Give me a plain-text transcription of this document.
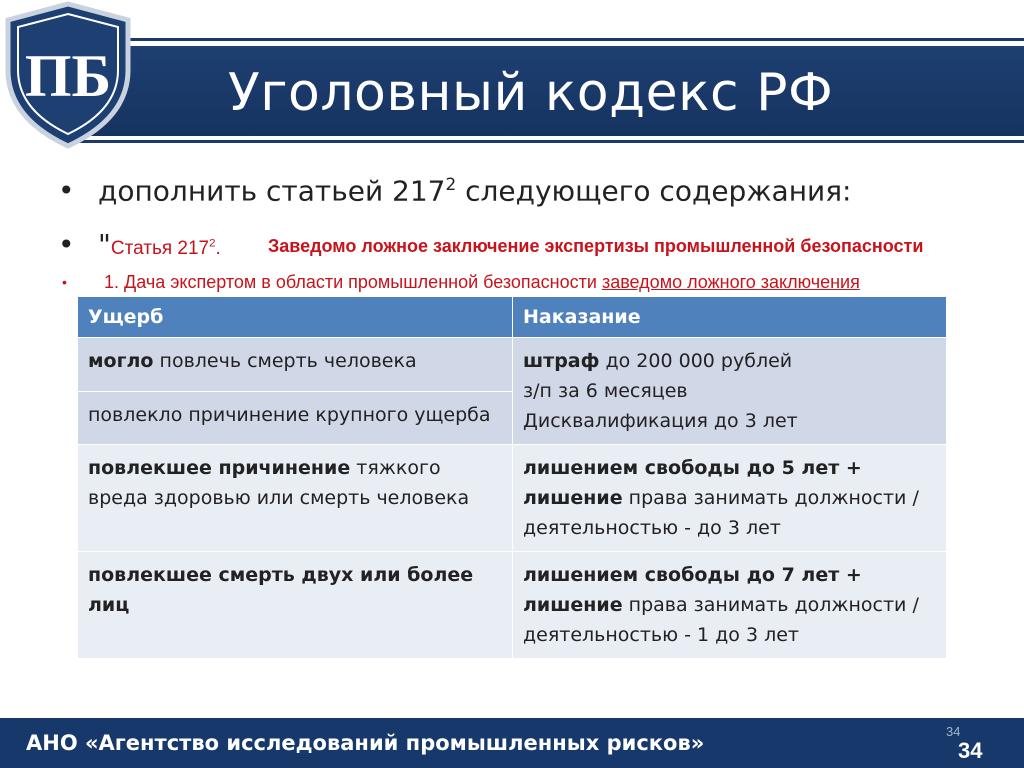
Уголовный кодекс РФ
ПБ
• дополнить статьей $217^2$ следующего содержания:
• "Статья $217^2$.	Заведомо ложное заключение экспертизы промышленной безопасности
• 1. Дача экспертом в области промышленной безопасности заведомо ложного заключения
Ущерб	Наказание
могло повлечь смерть человека	штраф до 200 000 рублей
з/п за 6 месяцев
Дисквалификация до 3 лет

повлекло причинение крупного ущерба	
повлекшее причинение тяжкого вреда здоровью или смерть человека	лишением свободы до 5 лет +
лишение права занимать должности / деятельностью - до 3 лет
повлекшее смерть двух или более лиц	лишением свободы до 7 лет +
лишение права занимать должности / деятельностью - 1 до 3 лет
АНО «Агентство исследований промышленных рисков»	34
34
